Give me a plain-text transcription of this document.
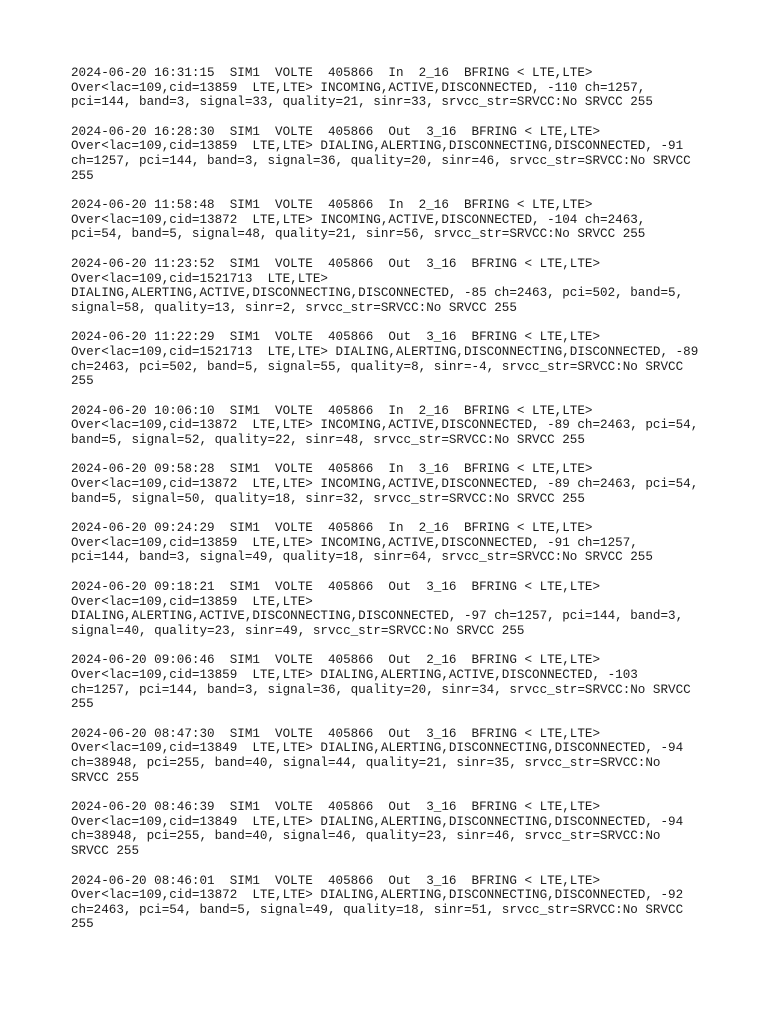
2024-06-20 16:31:15  SIM1  VOLTE  405866  In  2_16  BFRING < LTE,LTE>
Over<lac=109,cid=13859  LTE,LTE> INCOMING,ACTIVE,DISCONNECTED, -110 ch=1257,
pci=144, band=3, signal=33, quality=21, sinr=33, srvcc_str=SRVCC:No SRVCC 255
2024-06-20 16:28:30  SIM1  VOLTE  405866  Out  3_16  BFRING < LTE,LTE>
Over<lac=109,cid=13859  LTE,LTE> DIALING,ALERTING,DISCONNECTING,DISCONNECTED, -91
ch=1257, pci=144, band=3, signal=36, quality=20, sinr=46, srvcc_str=SRVCC:No SRVCC
255
2024-06-20 11:58:48  SIM1  VOLTE  405866  In  2_16  BFRING < LTE,LTE>
Over<lac=109,cid=13872  LTE,LTE> INCOMING,ACTIVE,DISCONNECTED, -104 ch=2463,
pci=54, band=5, signal=48, quality=21, sinr=56, srvcc_str=SRVCC:No SRVCC 255
2024-06-20 11:23:52  SIM1  VOLTE  405866  Out  3_16  BFRING < LTE,LTE>
Over<lac=109,cid=1521713  LTE,LTE>
DIALING,ALERTING,ACTIVE,DISCONNECTING,DISCONNECTED, -85 ch=2463, pci=502, band=5,
signal=58, quality=13, sinr=2, srvcc_str=SRVCC:No SRVCC 255
2024-06-20 11:22:29  SIM1  VOLTE  405866  Out  3_16  BFRING < LTE,LTE>
Over<lac=109,cid=1521713  LTE,LTE> DIALING,ALERTING,DISCONNECTING,DISCONNECTED, -89
ch=2463, pci=502, band=5, signal=55, quality=8, sinr=-4, srvcc_str=SRVCC:No SRVCC
255
2024-06-20 10:06:10  SIM1  VOLTE  405866  In  2_16  BFRING < LTE,LTE>
Over<lac=109,cid=13872  LTE,LTE> INCOMING,ACTIVE,DISCONNECTED, -89 ch=2463, pci=54,
band=5, signal=52, quality=22, sinr=48, srvcc_str=SRVCC:No SRVCC 255
2024-06-20 09:58:28  SIM1  VOLTE  405866  In  3_16  BFRING < LTE,LTE>
Over<lac=109,cid=13872  LTE,LTE> INCOMING,ACTIVE,DISCONNECTED, -89 ch=2463, pci=54,
band=5, signal=50, quality=18, sinr=32, srvcc_str=SRVCC:No SRVCC 255
2024-06-20 09:24:29  SIM1  VOLTE  405866  In  2_16  BFRING < LTE,LTE>
Over<lac=109,cid=13859  LTE,LTE> INCOMING,ACTIVE,DISCONNECTED, -91 ch=1257,
pci=144, band=3, signal=49, quality=18, sinr=64, srvcc_str=SRVCC:No SRVCC 255
2024-06-20 09:18:21  SIM1  VOLTE  405866  Out  3_16  BFRING < LTE,LTE>
Over<lac=109,cid=13859  LTE,LTE>
DIALING,ALERTING,ACTIVE,DISCONNECTING,DISCONNECTED, -97 ch=1257, pci=144, band=3,
signal=40, quality=23, sinr=49, srvcc_str=SRVCC:No SRVCC 255
2024-06-20 09:06:46  SIM1  VOLTE  405866  Out  2_16  BFRING < LTE,LTE>
Over<lac=109,cid=13859  LTE,LTE> DIALING,ALERTING,ACTIVE,DISCONNECTED, -103
ch=1257, pci=144, band=3, signal=36, quality=20, sinr=34, srvcc_str=SRVCC:No SRVCC
255
2024-06-20 08:47:30  SIM1  VOLTE  405866  Out  3_16  BFRING < LTE,LTE>
Over<lac=109,cid=13849  LTE,LTE> DIALING,ALERTING,DISCONNECTING,DISCONNECTED, -94
ch=38948, pci=255, band=40, signal=44, quality=21, sinr=35, srvcc_str=SRVCC:No
SRVCC 255
2024-06-20 08:46:39  SIM1  VOLTE  405866  Out  3_16  BFRING < LTE,LTE>
Over<lac=109,cid=13849  LTE,LTE> DIALING,ALERTING,DISCONNECTING,DISCONNECTED, -94
ch=38948, pci=255, band=40, signal=46, quality=23, sinr=46, srvcc_str=SRVCC:No
SRVCC 255
2024-06-20 08:46:01  SIM1  VOLTE  405866  Out  3_16  BFRING < LTE,LTE>
Over<lac=109,cid=13872  LTE,LTE> DIALING,ALERTING,DISCONNECTING,DISCONNECTED, -92
ch=2463, pci=54, band=5, signal=49, quality=18, sinr=51, srvcc_str=SRVCC:No SRVCC
255
